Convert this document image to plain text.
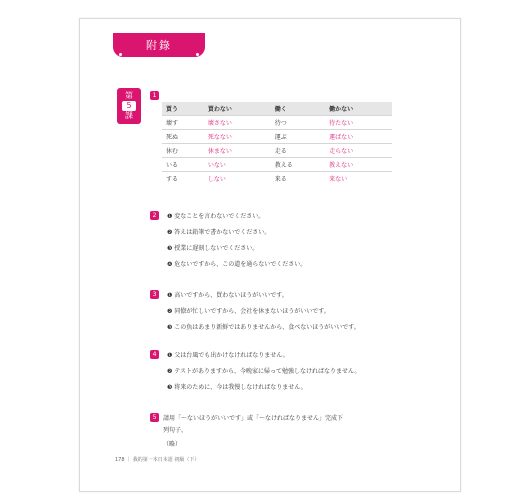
附錄
第
5
課
1
買う	買わない	働く	働かない
壊す	壊さない	待つ	待たない
死ぬ	死なない	運ぶ	運ばない
休む	休まない	走る	走らない
いる	いない	教える	教えない
する	しない	来る	来ない
2	❶ 変なことを言わないでください。
❷ 答えは鉛筆で書かないでください。
❸ 授業に遅刻しないでください。
❹ 危ないですから、この道を通らないでください。
3	❶ 高いですから、買わないほうがいいです。
❷ 同僚が忙しいですから、会社を休まないほうがいいです。
❸ この魚はあまり新鮮ではありませんから、食べないほうがいいです。
4	❶ 父は台風でも出かけなければなりません。
❷ テストがありますから、今晩家に帰って勉強しなければなりません。
❸ 将来のために、今は我慢しなければなりません。
5	請用「～ないほうがいいです」或「～なければなりません」完成下
列句子。
（略）
178 ｜ 我的第一本日本語 初級（下）
